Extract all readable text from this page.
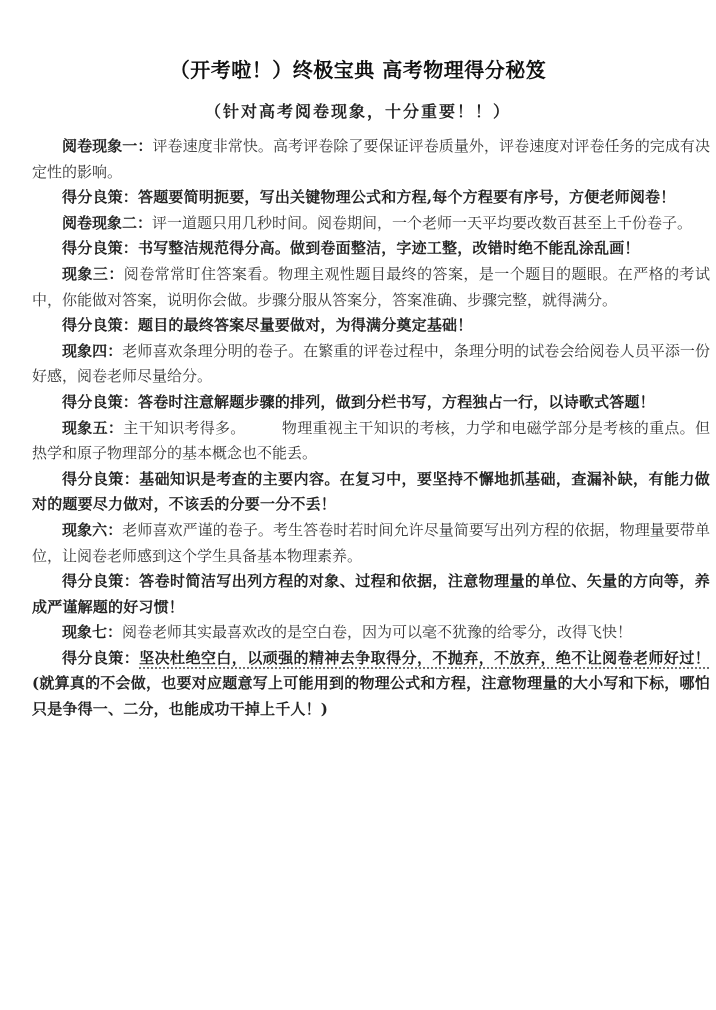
（开考啦！）终极宝典 高考物理得分秘笈
（针对高考阅卷现象，十分重要！！）

阅卷现象一：评卷速度非常快。高考评卷除了要保证评卷质量外，评卷速度对评卷任务的完成有决定性的影响。

得分良策：答题要简明扼要，写出关键物理公式和方程,每个方程要有序号，方便老师阅卷！

阅卷现象二：评一道题只用几秒时间。阅卷期间，一个老师一天平均要改数百甚至上千份卷子。

得分良策：书写整洁规范得分高。做到卷面整洁，字迹工整，改错时绝不能乱涂乱画！

现象三：阅卷常常盯住答案看。物理主观性题目最终的答案，是一个题目的题眼。在严格的考试中，你能做对答案，说明你会做。步骤分服从答案分，答案准确、步骤完整，就得满分。

得分良策：题目的最终答案尽量要做对，为得满分奠定基础！

现象四：老师喜欢条理分明的卷子。在繁重的评卷过程中，条理分明的试卷会给阅卷人员平添一份好感，阅卷老师尽量给分。

得分良策：答卷时注意解题步骤的排列，做到分栏书写，方程独占一行，以诗歌式答题！

现象五：主干知识考得多。 物理重视主干知识的考核，力学和电磁学部分是考核的重点。但热学和原子物理部分的基本概念也不能丢。

得分良策：基础知识是考查的主要内容。在复习中，要坚持不懈地抓基础，查漏补缺，有能力做对的题要尽力做对，不该丢的分要一分不丢！

现象六：老师喜欢严谨的卷子。考生答卷时若时间允许尽量简要写出列方程的依据，物理量要带单位，让阅卷老师感到这个学生具备基本物理素养。

得分良策：答卷时简洁写出列方程的对象、过程和依据，注意物理量的单位、矢量的方向等，养成严谨解题的好习惯！

现象七：阅卷老师其实最喜欢改的是空白卷，因为可以毫不犹豫的给零分，改得飞快！

得分良策：坚决杜绝空白，以顽强的精神去争取得分，不抛弃，不放弃，绝不让阅卷老师好过！(就算真的不会做，也要对应题意写上可能用到的物理公式和方程，注意物理量的大小写和下标，哪怕只是争得一、二分，也能成功干掉上千人！)
